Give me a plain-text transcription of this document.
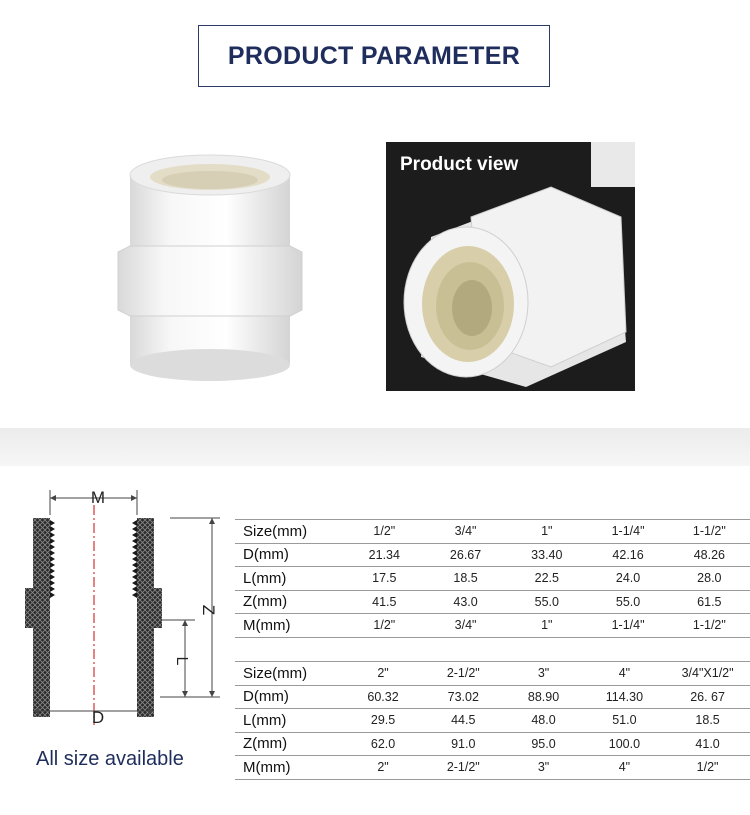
PRODUCT PARAMETER
Product view
M
D
Z
L
All size available
Size(mm)	1/2"	3/4"	1"	1-1/4"	1-1/2"
D(mm)	21.34	26.67	33.40	42.16	48.26
L(mm)	17.5	18.5	22.5	24.0	28.0
Z(mm)	41.5	43.0	55.0	55.0	61.5
M(mm)	1/2"	3/4"	1"	1-1/4"	1-1/2"
Size(mm)	2"	2-1/2"	3"	4"	3/4"X1/2"
D(mm)	60.32	73.02	88.90	114.30	26. 67
L(mm)	29.5	44.5	48.0	51.0	18.5
Z(mm)	62.0	91.0	95.0	100.0	41.0
M(mm)	2"	2-1/2"	3"	4"	1/2"
